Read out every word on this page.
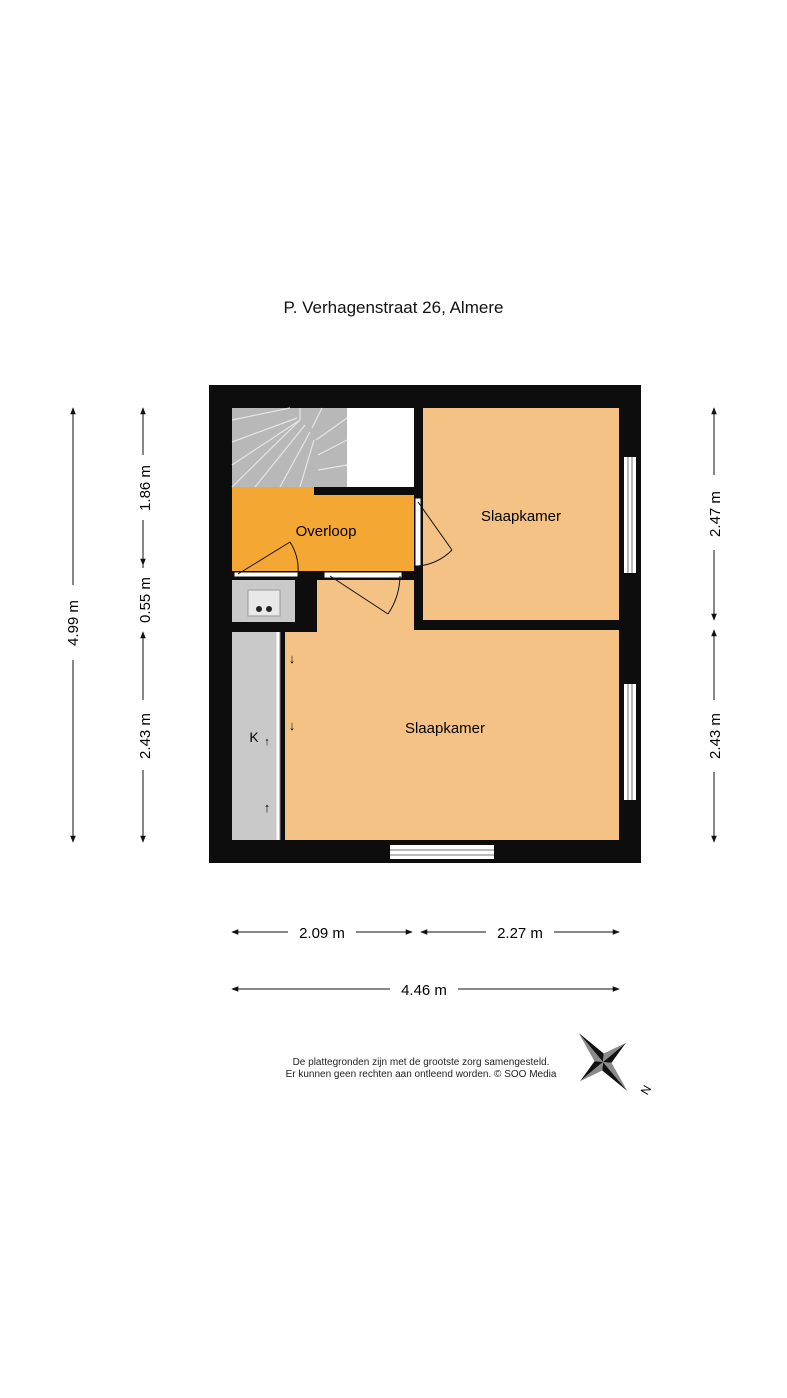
P. Verhagenstraat 26, Almere
↓
↓
↑
↑
Overloop
Slaapkamer
Slaapkamer
K
4.99 m
1.86 m
0.55 m
2.43 m
2.47 m
2.43 m
2.09 m	2.27 m
4.46 m
N
De plattegronden zijn met de grootste zorg samengesteld.
Er kunnen geen rechten aan ontleend worden. © SOO Media
